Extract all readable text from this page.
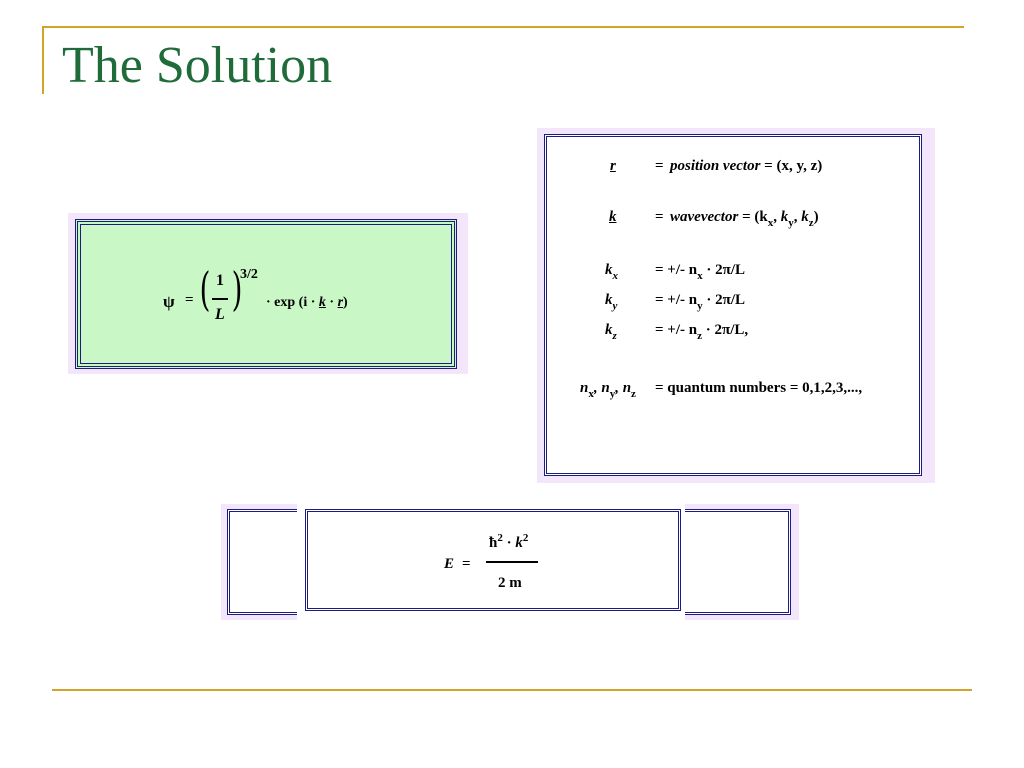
The Solution
ψ = ( 1
L )
3/2
· exp (i · k · r)
r	= position vector = (x, y, z)
k	= wavevector = ($k_x$, $k_y$, $k_z$)
$k_x$ = +/- $n_x \cdot 2\pi/L$
$k_y$	= +/- $n_y \cdot 2\pi/L$
$k_z$	= +/- $n_z \cdot 2\pi/L$,
$n_x$, $n_y$, $n_z$ = quantum numbers = 0,1,2,3,...,
E =
$ħ^2 \cdot k^2$
2 m
